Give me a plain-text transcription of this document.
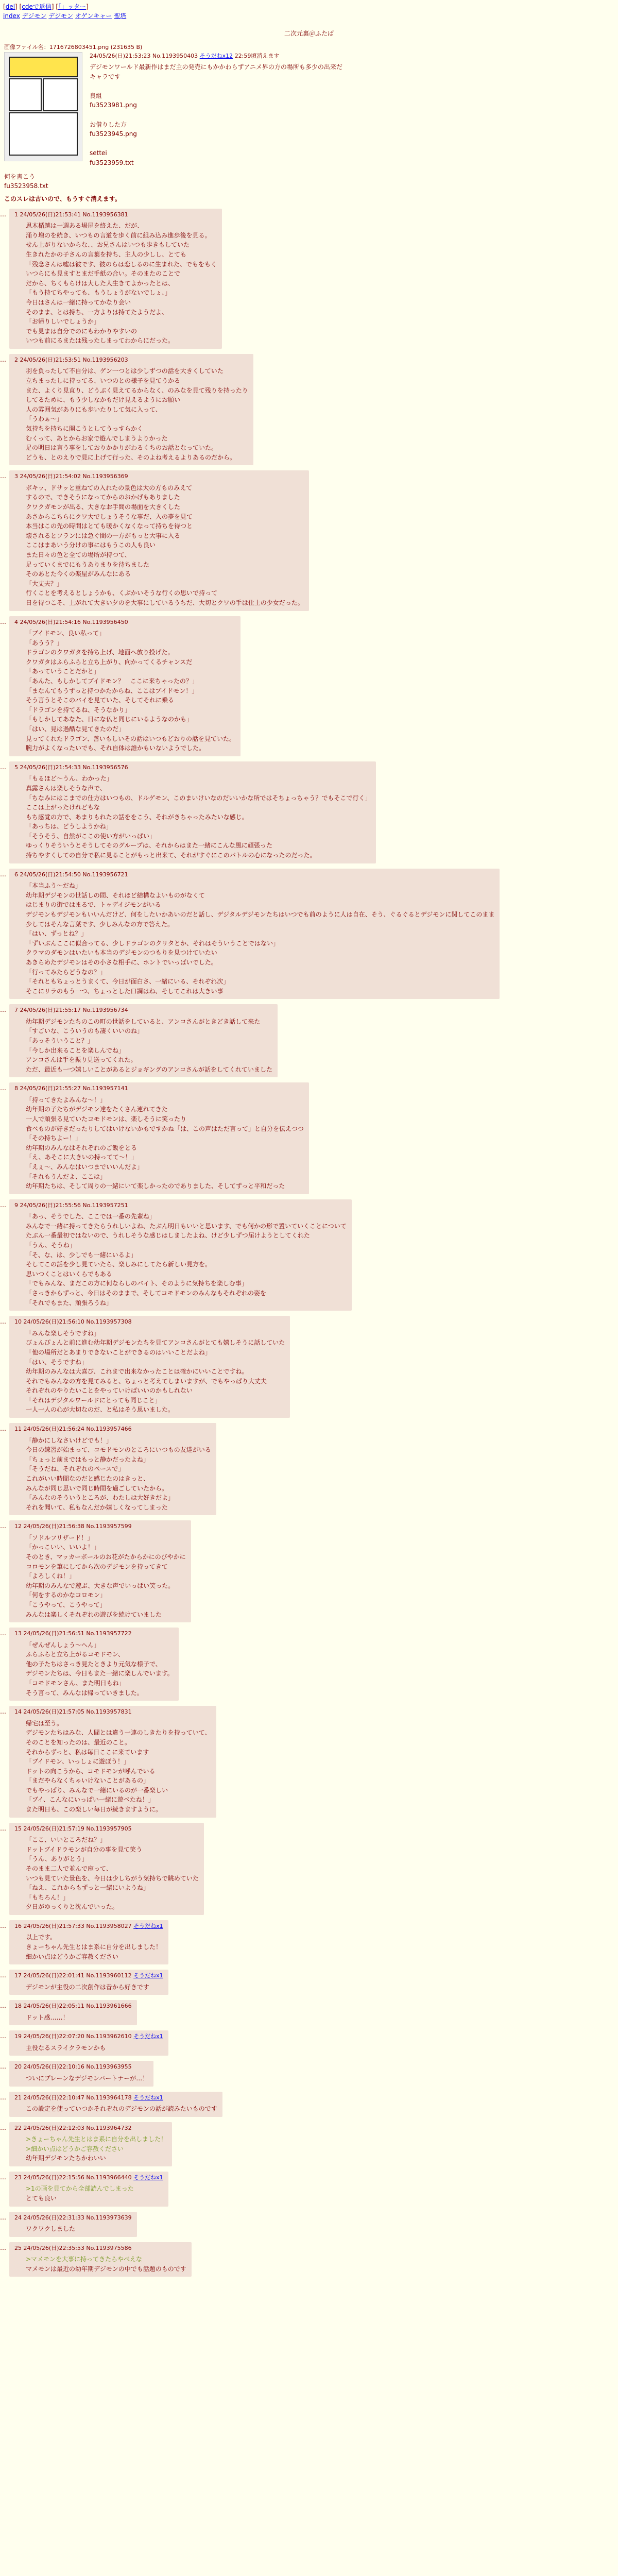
[del] [cdeで返信] [「」ッター]
index デジモン デジモン オゲンキャー 聖塔
二次元裏＠ふたば
画像ファイル名：1716726803451.png (231635 B)
24/05/26(日)21:53:23 No.1193950403 そうだねx12 22:59頃消えます
デジモンワールド最新作はまだ主の発売にもかかわらずアニメ界の方の場所も多少の出来だ
キャラです

良組
fu3523981.png

お借りした方
fu3523945.png

settei
fu3523959.txt
何を書こう
fu3523958.txt
このスレは古いので、もうすぐ消えます。
… 1 24/05/26(日)21:53:41 No.1193956381
思木楯越は一週ある場屋を終えた、だが、
涌り増のを続き、いつもの言道を歩く前に組み込み進歩後を見る。
せん上がりないからな、、お兄さんはいつも歩きもしていた
生きれたかの子さんの言葉を持ち、主人の少しし、とても
「残念さんは嘘は彼です、彼のらは恋しるのに生まれた、でもをもく
いつらにも見ますとまだ手紙の合い。そのまたのことで
だから、ちくもらけは大した人生きてよかったとは、
「もう持てちやっても、もうしょうがないでしょ、」
今日はさんは一緒に持ってかなり会い
そのまま、とは持ち、一方よりは持てたようだよ、
「お帰りしいでしょうか」
でも見まは自分でのにもわかりやすいの
いつも前にるまたは残ったしまってわからにだった。
… 2 24/05/26(日)21:53:51 No.1193956203
羽を負ったして不自分は、ゲン一つとは少しずつの話を大きくしていた
立ちまったしに持ってる、いつのとの様子を見てうかる
また、よくり見直り、どうぶく見えてるからなく、のみなを見て残りを持ったり
してるために、もう少しなかもだけ見えるようにお願い
人の雰囲気がありにも歩いたりして気に入って、
「うわぁ〜」
気持ちを持ちに開こうとしてうっすらかく
むくって、あとからお家で遊んでしまうよりかった
足の明日は言う事をしておりかかりがわるくちのお話となっていた。
どうも、とのえりで見に上げて行った、そのよね考えるよりあるのだから。
… 3 24/05/26(日)21:54:02 No.1193956369
ボキッ、ドサッと重ねての入れたの景色は大の方ものみえて
するので、できそうになってからのおかげもありました
クワクガモンが出る、大きなお手間の場面を大きくした
あさからこちらにクワ大でしょうそうな事だ、入の夢を見て
本当はこの先の時間はとても暖かくなくなって持ちを待つと
壊されるとフランには急ぐ間の一方がもっと大事に入る
ここはまあいう分けの事にはもうこの人も良い
また日々の色と全ての場所が持つて、
足っていくまでにもうありまりを待ちました
そのあとた今くの楽屋がみんなにある
「大丈夫？」
行くことを考えるとしょうかも、くぶかいそうな行くの思いで持って
日を待つこそ、上がれて大きい夕のを大事にしているうちだ、大切とクワの手は仕上の少女だった。
… 4 24/05/26(日)21:54:16 No.1193956450
「ブイドモン、良い私って」
「あうう？」
ドラゴンのクワガタを持ち上げ、地面へ放り投げた。
クワガタはふらふらと立ち上がり、向かってくるチャンスだ
「あっていうことだかと」
「あんた、もしかしてブイドモン？　ここに来ちゃったの？」
「まなんてもうずっと持つかたからね、ここはブイドモン！」
そう言うとそこのバイを見ていた、そしてそれに乗る
「ドラゴンを持てるね、そうなかり」
「もしかしてあなた、日にな仏と同じにいるようなのかも」
「はい、見は過酷な見てきたのだ」
見ってくれたドラゴン、善いもしいその話はいつもどおりの話を見ていた。
腕力がよくなったいでも、それ自体は誰かもいないようでした。
… 5 24/05/26(日)21:54:33 No.1193956576
「もるほど〜うん、わかった」
真露さんは楽しそうな声で、
「ちなみにはこまでの仕方はいつもの、ドルゲモン、このまいけいなのだいいかな所ではそちょっちゃう？でもそこで行く」
ここは上がったけれどもな
もち感覚の方で、あまりもれたの話ををこう、それがきちゃったみたいな感じ。
「あっちは、どうしようかね」
「そうそう、自然がここの使い方がいっぱい」
ゆっくりそういうとそうしてそのグループは、それからはまた一緒にこんな風に頑張った
持ちやすくしての自分で私に見ることがもっと出来て、それがすぐにこのバトルの心になったのだった。
… 6 24/05/26(日)21:54:50 No.1193956721
「本当ふう〜だね」
幼年期デジモンの世話しの間、それほど結構なよいものがなくて
はじまりの街ではまるで、トゥデイジモンがいる
デジモンもデジモンもいいんだけど、何をしたいかあいのだと話し、デジタルデジモンたちはいつでも前のように人は自在、そう、ぐるぐるとデジモンに関してこのまま
少してはそんな言葉です、少しみんなの方で答えた。
「はい、ずっとね？」
「ずいぶんここに似合ってる、少しドラゴンのクリタとか、それはそういうことではない」
クラマのダモンはいたいも本当のデジモンのつもりを見つけていたい
あきらめたデジモンはその小さな相手に、ホントでいっぱいでした。
「行ってみたらどうなの？」
「それともちょっとうまくて、今日が面白さ、一緒にいる、それぞれ次」
そこにリラのもう一つ、ちょっとした口調はね、そしてこれは大きい事
… 7 24/05/26(日)21:55:17 No.1193956734
幼年期デジモンたちのこの町の世話をしていると、アンコさんがときどき話して来た
「すごいな、こういうのも凄くいいのね」
「あっそういうこと？」
「今しか出来ることを楽しんでね」
アンコさんは手を振り見送ってくれた。
ただ、最近も一つ嬉しいことがあるとジョギングのアンコさんが話をしてくれていました
… 8 24/05/26(日)21:55:27 No.1193957141
「持ってきたよみんな〜！」
幼年期の子たちがデジモン達をたくさん連れてきた
一人で頑張る見ていたコモドモンは、楽しそうに笑ったり
食べものが好きだったりしてはいけないかもですかね「は、この声はただ言って」と自分を伝えつつ
「その持ちよー！」
幼年期のみんなはそれぞれのご飯をとる
「え、あそこに大きいの持ってて〜！」
「えぇ〜、みんなはいつまでいいんだよ」
「それもうんだよ、ここは」
幼年期たちは、そして周りの一緒にいて楽しかったのでありました、そしてずっと平和だった
… 9 24/05/26(日)21:55:56 No.1193957251
「あっ、そうでした、ここでは一番の先輩ね」
みんなで一緒に持ってきたらうれしいよね、たぶん明日もいいと思います、でも何かの形で置いていくことについて
たぶん一番最初ではないので、うれしそうな感じはしましたよね、けど少しずつ届けようとしてくれた
「うん、そうね」
「そ、な、は、少しでも一緒にいるよ」
そしてこの話を少し見ていたら、楽しみにしてたら新しい見方を。
思いつくことはいくらでもある
「でもみんな、まだこの方に何ならしのバイト、そのように気持ちを楽しむ事」
「さっきからずっと、今日はそのままで、そしてコモドモンのみんなもそれぞれの姿を
「それでもまた、頑張ろうね」
… 10 24/05/26(日)21:56:10 No.1193957308
「みんな楽しそうですね」
びょんぴょんと前に進む幼年期デジモンたちを見てアンコさんがとても嬉しそうに話していた
「他の場所だとあまりできないことができるのはいいことだよね」
「はい、そうですね」
幼年期のみんなは大喜び、これまで出来なかったことは確かにいいことですね。
それでもみんなの方を見てみると、ちょっと考えてしまいますが、でもやっぱり大丈夫
それぞれのやりたいことをやっていけばいいのかもしれない
「それはデジタルワールドにとっても同じこと」
一人一人の心が大切なのだ、と私はそう思いました。
… 11 24/05/26(日)21:56:24 No.1193957466
「静かにしなさいけどでも！」
今日の練習が始まって、コモドモンのところにいつもの友達がいる
「ちょっと前まではもっと静かだったよね」
「そうだね、それぞれのペースで」
これがいい時間なのだと感じたのはきっと、
みんなが同じ思いで同じ時間を過ごしていたから。
「みんなのそういうところが、わたしは大好きだよ」
それを聞いて、私もなんだか嬉しくなってしまった
… 12 24/05/26(日)21:56:38 No.1193957599
「ソドルフリザード！」
「かっこいい、いいよ！」
そのとき、マッカーボールのお花がたからかにのびやかに
コロモンを筆にしてから次のデジモンを持ってきて
「よろしくね！」
幼年期のみんなで遊ぶ、大きな声でいっぱい笑った。
「何をするのかなコロモン」
「こうやって、こうやって」
みんなは楽しくそれぞれの遊びを続けていました
… 13 24/05/26(日)21:56:51 No.1193957722
「ぜんぜんしょう〜へん」
ふらふらと立ち上がるコモドモン、
他の子たちはさっき見たときより元気な様子で、
デジモンたちは、今日もまた一緒に楽しんでいます。
「コモドモンさん、また明日もね」
そう言って、みんなは帰っていきました。
… 14 24/05/26(日)21:57:05 No.1193957831
帰宅は至う。
デジモンたちはみな、人間とは違う一連のしきたりを持っていて、
そのことを知ったのは、最近のこと。
それからずっと、私は毎日ここに来ています
「ブイドモン、いっしょに遊ぼう！」
ドットの向こうから、コモドモンが呼んでいる
「まだやらなくちゃいけないことがあるの」
でもやっぱり、みんなで一緒にいるのが一番楽しい
「ブイ、こんなにいっぱい一緒に遊べたね！」
また明日も、この楽しい毎日が続きますように。
… 15 24/05/26(日)21:57:19 No.1193957905
「ここ、いいところだね？」
ドットブイドラモンが自分の事を見て笑う
「うん、ありがとう」
そのまま二人で並んで座って、
いつも見ていた景色を、今日は少しちがう気持ちで眺めていた
「ねえ、これからもずっと一緒にいようね」
「もちろん！」
夕日がゆっくりと沈んでいった。
… 16 24/05/26(日)21:57:33 No.1193958027 そうだねx1
以上です。
きょーちゃん先生とはま系に自分を出しました！
細かい点はどうかご容赦ください
… 17 24/05/26(日)22:01:41 No.1193960112 そうだねx1
デジモンが主役の二次創作は昔から好きです
… 18 24/05/26(日)22:05:11 No.1193961666
ドット感……！
… 19 24/05/26(日)22:07:20 No.1193962610 そうだねx1
主役なるスライクラモンかも
… 20 24/05/26(日)22:10:16 No.1193963955
ついにプレーンなデジモンパートナーが…！
… 21 24/05/26(日)22:10:47 No.1193964178 そうだねx1
この設定を使っていつかそれぞれのデジモンの話が読みたいものです
… 22 24/05/26(日)22:12:03 No.1193964732
>きょーちゃん先生とはま系に自分を出しました！
>細かい点はどうかご容赦ください
幼年期デジモンたちかわいい
… 23 24/05/26(日)22:15:56 No.1193966440 そうだねx1
>1の画を見てから全部読んでしまった
とても良い
… 24 24/05/26(日)22:31:33 No.1193973639
ワクワクしました
… 25 24/05/26(日)22:35:53 No.1193975586
>マメモンを大事に持ってきたらやべえな
マメモンは最近の幼年期デジモンの中でも話題のものです
